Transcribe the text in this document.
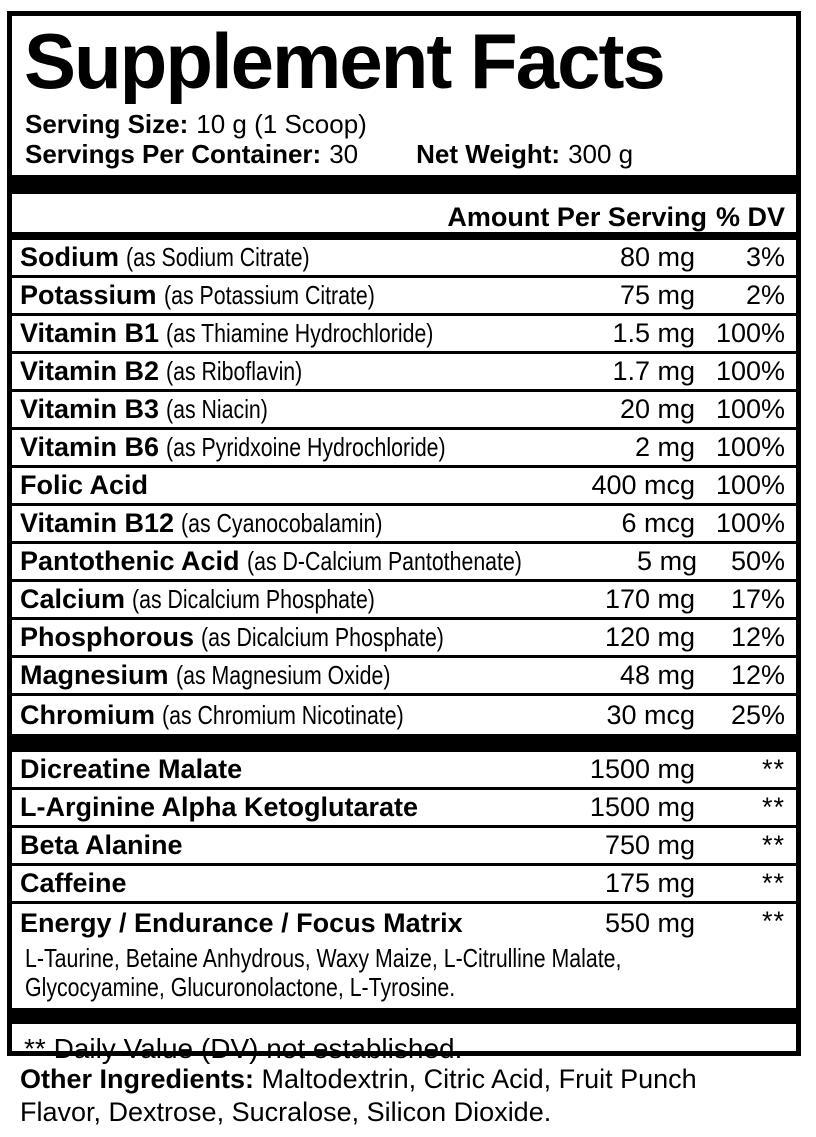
Supplement Facts
Serving Size: 10 g (1 Scoop)
Servings Per Container: 30 Net Weight: 300 g
Amount Per Serving % DV
Sodium (as Sodium Citrate)	80 mg	3%
Potassium (as Potassium Citrate)	75 mg	2%
Vitamin B1 (as Thiamine Hydrochloride)	1.5 mg 100%
Vitamin B2 (as Riboflavin)	1.7 mg 100%
Vitamin B3 (as Niacin)	20 mg 100%
Vitamin B6 (as Pyridxoine Hydrochloride)	2 mg 100%
Folic Acid	400 mcg 100%
Vitamin B12 (as Cyanocobalamin)	6 mcg 100%
Pantothenic Acid (as D-Calcium Pantothenate)	5 mg	50%
Calcium (as Dicalcium Phosphate)	170 mg	17%
Phosphorous (as Dicalcium Phosphate)	120 mg	12%
Magnesium (as Magnesium Oxide)	48 mg	12%
Chromium (as Chromium Nicotinate)	30 mcg	25%
Dicreatine Malate	1500 mg	**
L-Arginine Alpha Ketoglutarate	1500 mg	**
Beta Alanine	750 mg	**
Caffeine	175 mg	**
Energy / Endurance / Focus Matrix	550 mg	**
L-Taurine, Betaine Anhydrous, Waxy Maize, L-Citrulline Malate,
Glycocyamine, Glucuronolactone, L-Tyrosine.
** Daily Value (DV) not established.
Other Ingredients: Maltodextrin, Citric Acid, Fruit Punch Flavor, Dextrose, Sucralose, Silicon Dioxide.
